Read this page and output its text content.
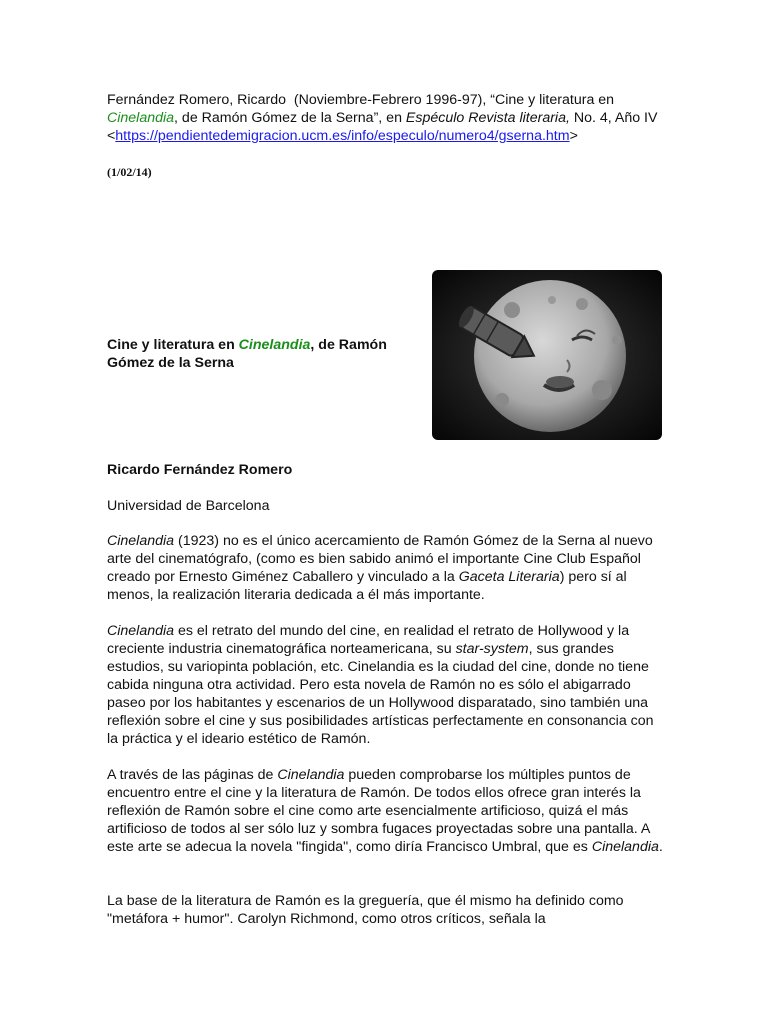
Fernández Romero, Ricardo (Noviembre-Febrero 1996-97), “Cine y literatura en Cinelandia, de Ramón Gómez de la Serna”, en Espéculo Revista literaria, No. 4, Año IV <https://pendientedemigracion.ucm.es/info/especulo/numero4/gserna.htm>

(1/02/14)
Cine y literatura en Cinelandia, de Ramón Gómez de la Serna
Ricardo Fernández Romero
Universidad de Barcelona

Cinelandia (1923) no es el único acercamiento de Ramón Gómez de la Serna al nuevo arte del cinematógrafo, (como es bien sabido animó el importante Cine Club Español creado por Ernesto Giménez Caballero y vinculado a la Gaceta Literaria) pero sí al menos, la realización literaria dedicada a él más importante.

Cinelandia es el retrato del mundo del cine, en realidad el retrato de Hollywood y la creciente industria cinematográfica norteamericana, su star-system, sus grandes estudios, su variopinta población, etc. Cinelandia es la ciudad del cine, donde no tiene cabida ninguna otra actividad. Pero esta novela de Ramón no es sólo el abigarrado paseo por los habitantes y escenarios de un Hollywood disparatado, sino también una reflexión sobre el cine y sus posibilidades artísticas perfectamente en consonancia con la práctica y el ideario estético de Ramón.

A través de las páginas de Cinelandia pueden comprobarse los múltiples puntos de encuentro entre el cine y la literatura de Ramón. De todos ellos ofrece gran interés la reflexión de Ramón sobre el cine como arte esencialmente artificioso, quizá el más artificioso de todos al ser sólo luz y sombra fugaces proyectadas sobre una pantalla. A este arte se adecua la novela "fingida", como diría Francisco Umbral, que es Cinelandia.

La base de la literatura de Ramón es la greguería, que él mismo ha definido como "metáfora + humor". Carolyn Richmond, como otros críticos, señala la
